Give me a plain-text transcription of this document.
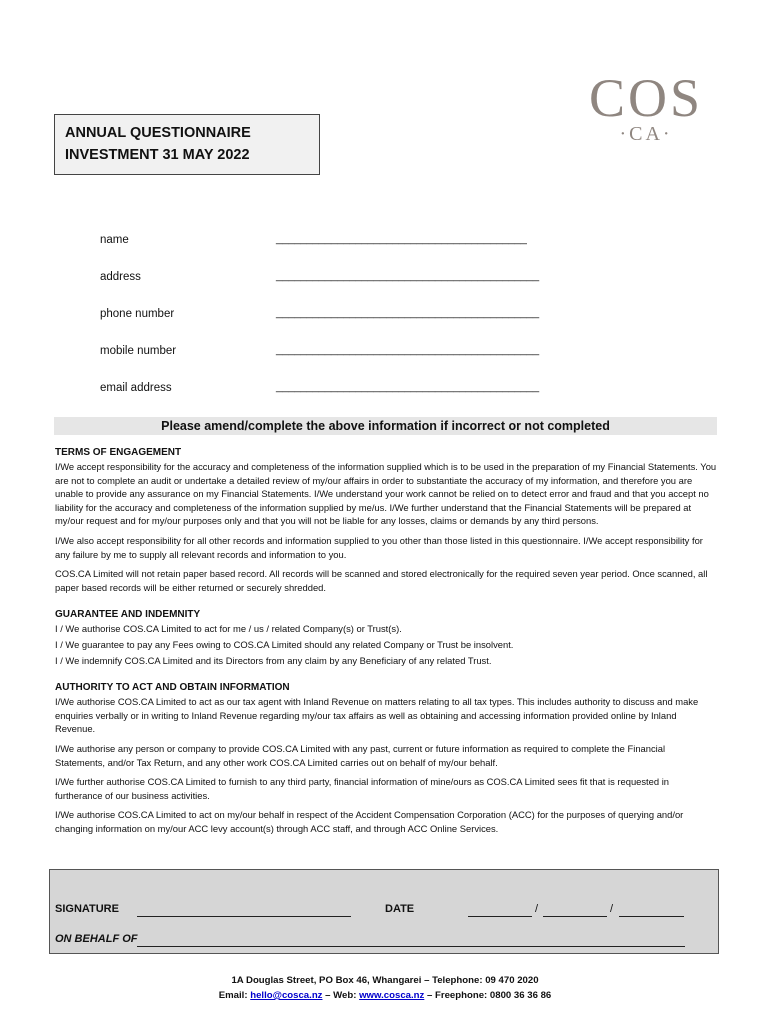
ANNUAL QUESTIONNAIRE
INVESTMENT 31 MAY 2022
COS
·CA·
name	_________________________________________
address	___________________________________________
phone number	___________________________________________
mobile number	___________________________________________
email address	___________________________________________
Please amend/complete the above information if incorrect or not completed
TERMS OF ENGAGEMENT

I/We accept responsibility for the accuracy and completeness of the information supplied which is to be used in the preparation of my Financial Statements. You are not to complete an audit or undertake a detailed review of my/our affairs in order to substantiate the accuracy of my information, and therefore you are unable to provide any assurance on my Financial Statements. I/We understand your work cannot be relied on to detect error and fraud and that you accept no liability for the accuracy and completeness of the information supplied by me/us. I/We further understand that the Financial Statements will be prepared at my/our request and for my/our purposes only and that you will not be liable for any losses, claims or demands by any third persons.

I/We also accept responsibility for all other records and information supplied to you other than those listed in this questionnaire. I/We accept responsibility for any failure by me to supply all relevant records and information to you.

COS.CA Limited will not retain paper based record. All records will be scanned and stored electronically for the required seven year period. Once scanned, all paper based records will be either returned or securely shredded.

GUARANTEE AND INDEMNITY

I / We authorise COS.CA Limited to act for me / us / related Company(s) or Trust(s).

I / We guarantee to pay any Fees owing to COS.CA Limited should any related Company or Trust be insolvent.

I / We indemnify COS.CA Limited and its Directors from any claim by any Beneficiary of any related Trust.

AUTHORITY TO ACT AND OBTAIN INFORMATION

I/We authorise COS.CA Limited to act as our tax agent with Inland Revenue on matters relating to all tax types. This includes authority to discuss and make enquiries verbally or in writing to Inland Revenue regarding my/our tax affairs as well as obtaining and accessing information provided online by Inland Revenue.

I/We authorise any person or company to provide COS.CA Limited with any past, current or future information as required to complete the Financial Statements, and/or Tax Return, and any other work COS.CA Limited carries out on behalf of my/our behalf.

I/We further authorise COS.CA Limited to furnish to any third party, financial information of mine/ours as COS.CA Limited sees fit that is requested in furtherance of our business activities.

I/We authorise COS.CA Limited to act on my/our behalf in respect of the Accident Compensation Corporation (ACC) for the purposes of querying and/or changing information on my/our ACC levy account(s) through ACC staff, and through ACC Online Services.

SIGNATURE	DATE	/	/
ON BEHALF OF
1A Douglas Street, PO Box 46, Whangarei – Telephone: 09 470 2020
Email: hello@cosca.nz – Web: www.cosca.nz – Freephone: 0800 36 36 86
